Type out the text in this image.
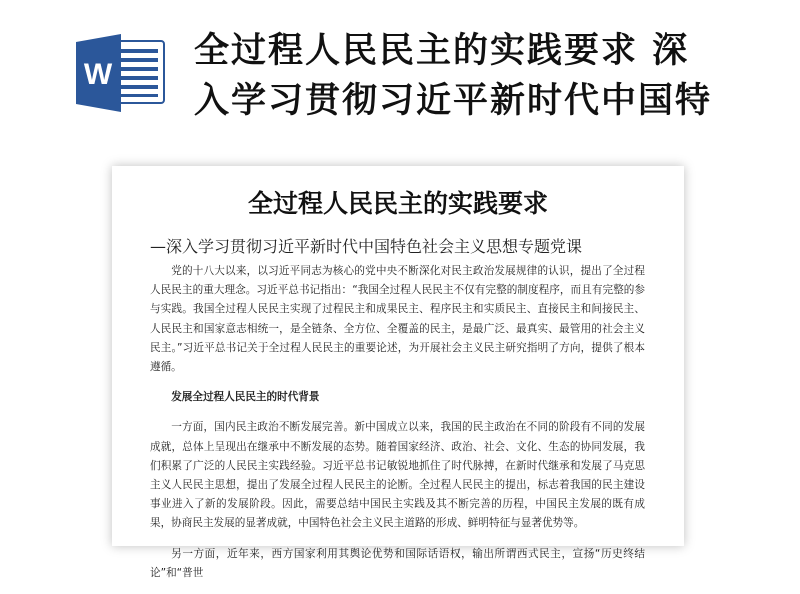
W
全过程人民民主的实践要求 深入学习贯彻习近平新时代中国特
全过程人民民主的实践要求
—深入学习贯彻习近平新时代中国特色社会主义思想专题党课

党的十八大以来，以习近平同志为核心的党中央不断深化对民主政治发展规律的认识，提出了全过程人民民主的重大理念。习近平总书记指出：“我国全过程人民民主不仅有完整的制度程序，而且有完整的参与实践。我国全过程人民民主实现了过程民主和成果民主、程序民主和实质民主、直接民主和间接民主、人民民主和国家意志相统一，是全链条、全方位、全覆盖的民主，是最广泛、最真实、最管用的社会主义民主。”习近平总书记关于全过程人民民主的重要论述，为开展社会主义民主研究指明了方向，提供了根本遵循。

发展全过程人民民主的时代背景

一方面，国内民主政治不断发展完善。新中国成立以来，我国的民主政治在不同的阶段有不同的发展成就，总体上呈现出在继承中不断发展的态势。随着国家经济、政治、社会、文化、生态的协同发展，我们积累了广泛的人民民主实践经验。习近平总书记敏锐地抓住了时代脉搏，在新时代继承和发展了马克思主义人民民主思想，提出了发展全过程人民民主的论断。全过程人民民主的提出，标志着我国的民主建设事业进入了新的发展阶段。因此，需要总结中国民主实践及其不断完善的历程，中国民主发展的既有成果，协商民主发展的显著成就，中国特色社会主义民主道路的形成、鲜明特征与显著优势等。

另一方面，近年来，西方国家利用其舆论优势和国际话语权，输出所谓西式民主，宣扬“历史终结论”和“普世
